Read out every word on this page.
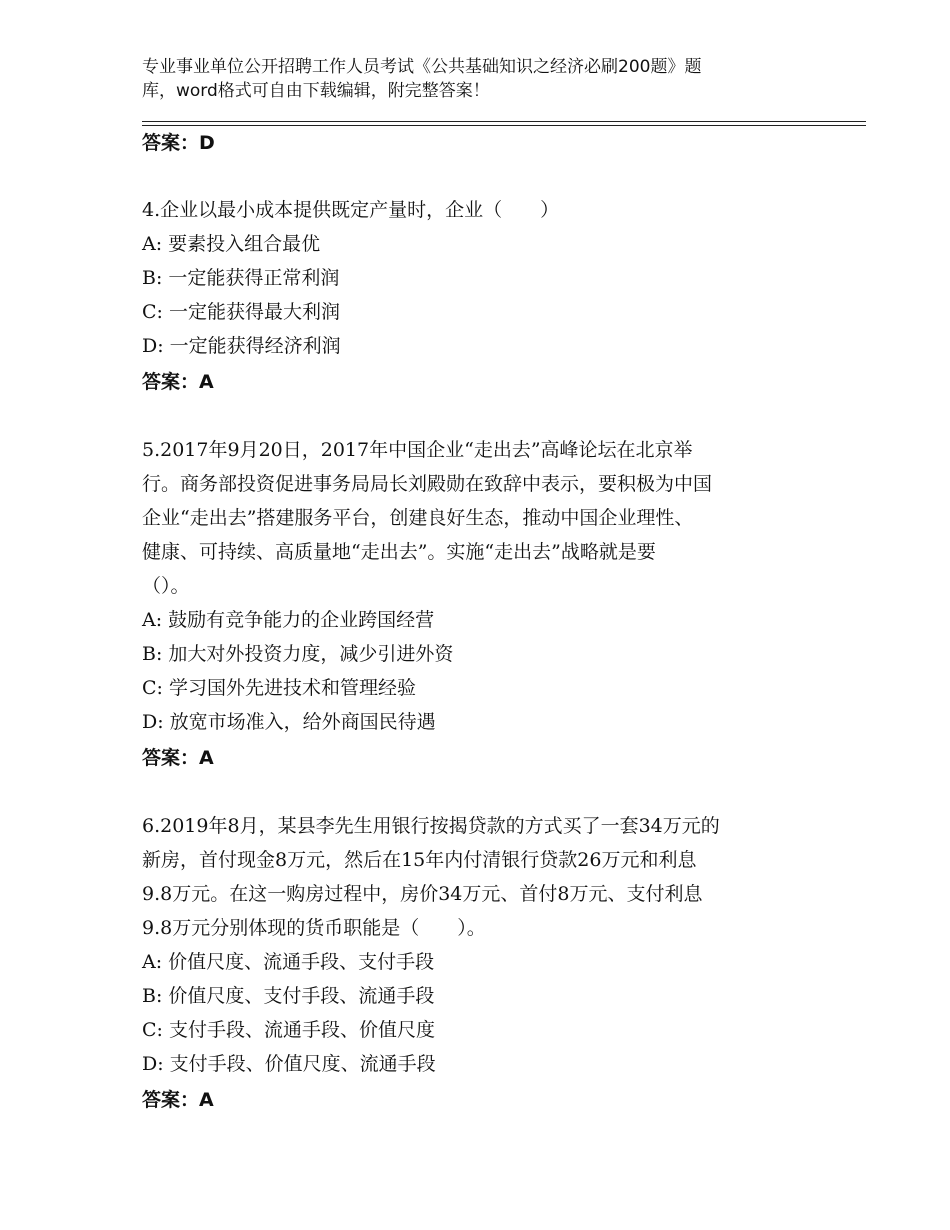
专业事业单位公开招聘工作人员考试《公共基础知识之经济必刷200题》题
库，word格式可自由下载编辑，附完整答案！
答案：D

4.企业以最小成本提供既定产量时，企业（　　）

A: 要素投入组合最优

B: 一定能获得正常利润

C: 一定能获得最大利润

D: 一定能获得经济利润

答案：A

5.2017年9月20日，2017年中国企业“走出去”高峰论坛在北京举

行。商务部投资促进事务局局长刘殿勋在致辞中表示，要积极为中国

企业“走出去”搭建服务平台，创建良好生态，推动中国企业理性、

健康、可持续、高质量地“走出去”。实施“走出去”战略就是要

（）。

A: 鼓励有竞争能力的企业跨国经营

B: 加大对外投资力度，减少引进外资

C: 学习国外先进技术和管理经验

D: 放宽市场准入，给外商国民待遇

答案：A

6.2019年8月，某县李先生用银行按揭贷款的方式买了一套34万元的

新房，首付现金8万元，然后在15年内付清银行贷款26万元和利息

9.8万元。在这一购房过程中，房价34万元、首付8万元、支付利息

9.8万元分别体现的货币职能是（　　）。

A: 价值尺度、流通手段、支付手段

B: 价值尺度、支付手段、流通手段

C: 支付手段、流通手段、价值尺度

D: 支付手段、价值尺度、流通手段

答案：A
